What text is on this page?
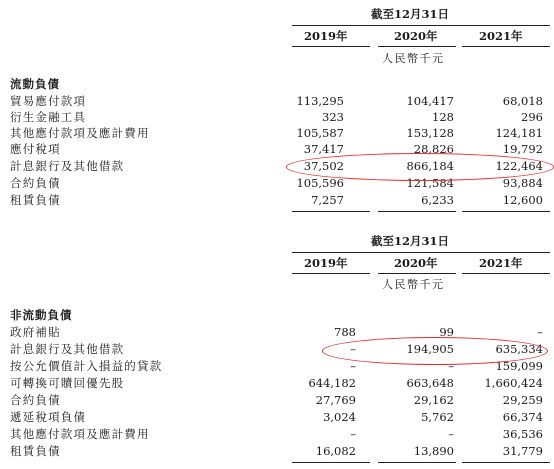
截至12月31日
2019年	2020年	2021年
人民幣千元
流動負債
貿易應付款項	113,295	104,417	68,018
衍生金融工具	323	128	296
其他應付款項及應計費用	105,587	153,128	124,181
應付稅項	37,417	28,826	19,792
計息銀行及其他借款	37,502	866,184	122,464
合約負債	105,596	121,584	93,884
租賃負債	7,257	6,233	12,600
截至12月31日
2019年	2020年	2021年
人民幣千元
非流動負債
政府補貼	788	99	–
計息銀行及其他借款	–	194,905	635,334
按公允價值計入損益的貸款	–	–	159,099
可轉換可贖回優先股	644,182	663,648	1,660,424
合約負債	27,769	29,162	29,259
遞延稅項負債	3,024	5,762	66,374
其他應付款項及應計費用	–	–	36,536
租賃負債	16,082	13,890	31,779
